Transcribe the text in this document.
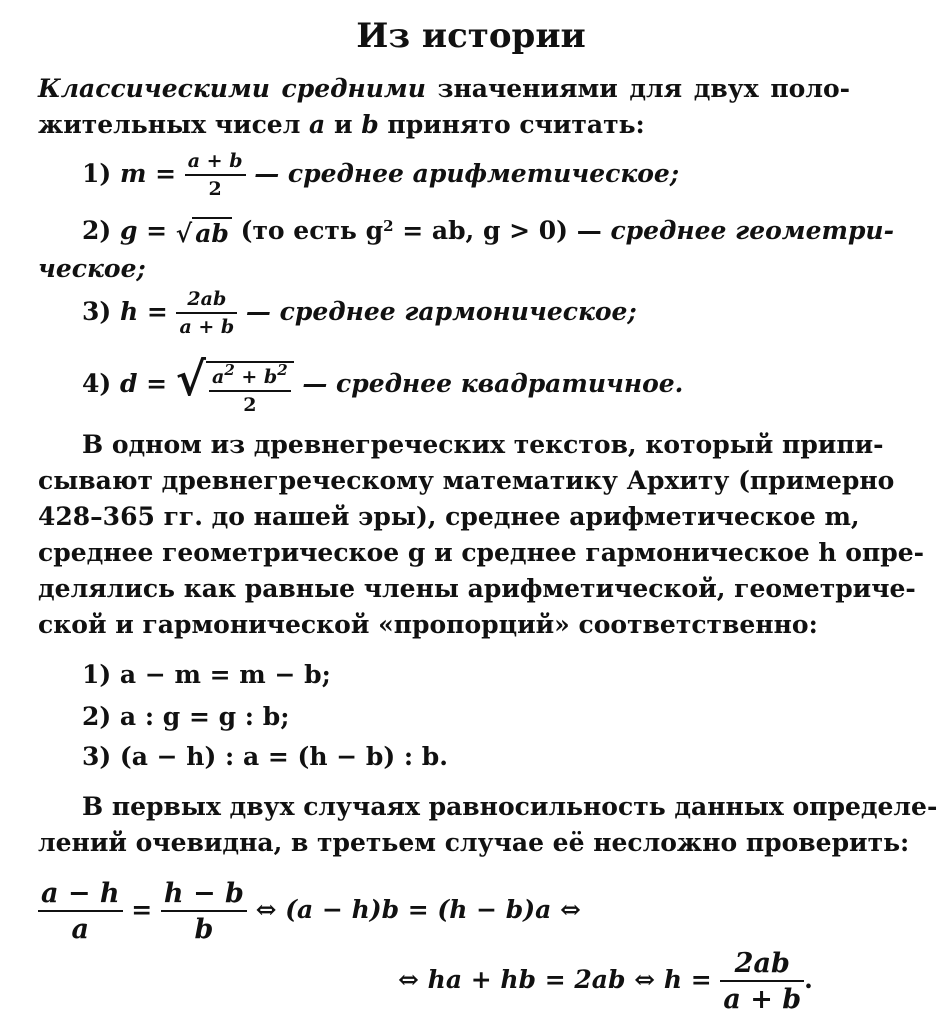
Из истории
Классическими средними значениями для двух поло-
жительных чисел a и b принято считать:
1) $m = \frac{a + b}{2}$ — среднее арифметическое;
2) g = √ ab (то есть $g^2$ = ab, g > 0) — среднее геометри-
ческое;
3) $h = \frac{2ab}{a + b}$ — среднее гармоническое;
4) d = √ $\frac{a^2 + b^2}{2}$ — среднее квадратичное.
В одном из древнегреческих текстов, который припи-
сывают древнегреческому математику Архиту (примерно
428–365 гг. до нашей эры), среднее арифметическое m,
среднее геометрическое g и среднее гармоническое h опре-
делялись как равные члены арифметической, геометриче-
ской и гармонической «пропорций» соответственно:
1) a − m = m − b;
2) a : g = g : b;
3) (a − h) : a = (h − b) : b.
В первых двух случаях равносильность данных определе-
лений очевидна, в третьем случае её несложно проверить:
$\frac{a - h}{a} = \frac{h - b}{b}$ ⇔ (a − h)b = (h − b)a ⇔
⇔ ha + hb = 2ab ⇔ $h = \frac{2ab}{a + b}$ .
